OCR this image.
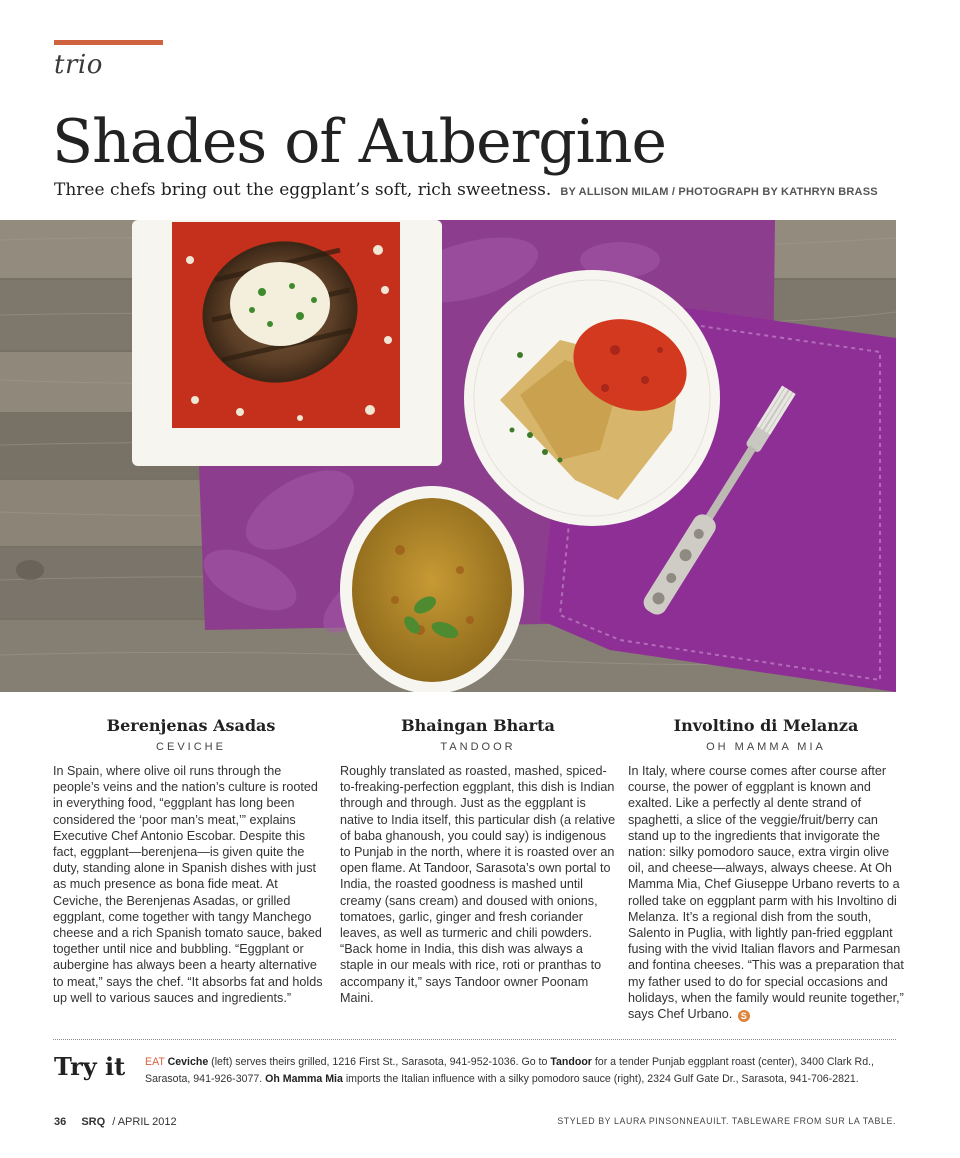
trio
Shades of Aubergine
Three chefs bring out the eggplant’s soft, rich sweetness. BY ALLISON MILAM / PHOTOGRAPH BY KATHRYN BRASS
Berenjenas Asadas
CEVICHE
In Spain, where olive oil runs through the people’s veins and the nation’s culture is rooted in everything food, “eggplant has long been considered the ‘poor man’s meat,’” explains Executive Chef Antonio Escobar. Despite this fact, eggplant—berenjena—is given quite the duty, standing alone in Spanish dishes with just as much presence as bona fide meat. At Ceviche, the Berenjenas Asadas, or grilled eggplant, come together with tangy Manchego cheese and a rich Spanish tomato sauce, baked together until nice and bubbling. “Eggplant or aubergine has always been a hearty alternative to meat,” says the chef. “It absorbs fat and holds up well to various sauces and ingredients.”
Bhaingan Bharta
TANDOOR
Roughly translated as roasted, mashed, spiced-to-freaking-perfection eggplant, this dish is Indian through and through. Just as the eggplant is native to India itself, this particular dish (a relative of baba ghanoush, you could say) is indigenous to Punjab in the north, where it is roasted over an open flame. At Tandoor, Sarasota’s own portal to India, the roasted goodness is mashed until creamy (sans cream) and doused with onions, tomatoes, garlic, ginger and fresh coriander leaves, as well as turmeric and chili powders. “Back home in India, this dish was always a staple in our meals with rice, roti or pranthas to accompany it,” says Tandoor owner Poonam Maini.
Involtino di Melanza
OH MAMMA MIA
In Italy, where course comes after course after course, the power of eggplant is known and exalted. Like a perfectly al dente strand of spaghetti, a slice of the veggie/fruit/berry can stand up to the ingredients that invigorate the nation: silky pomodoro sauce, extra virgin olive oil, and cheese—always, always cheese. At Oh Mamma Mia, Chef Giuseppe Urbano reverts to a rolled take on eggplant parm with his Involtino di Melanza. It’s a regional dish from the south, Salento in Puglia, with lightly pan-fried eggplant fusing with the vivid Italian flavors and Parmesan and fontina cheeses. “This was a preparation that my father used to do for special occasions and holidays, when the family would reunite together,” says Chef Urbano. S
Try it EAT Ceviche (left) serves theirs grilled, 1216 First St., Sarasota, 941-952-1036. Go to Tandoor for a tender Punjab eggplant roast (center), 3400 Clark Rd., Sarasota, 941-926-3077. Oh Mamma Mia imports the Italian influence with a silky pomodoro sauce (right), 2324 Gulf Gate Dr., Sarasota, 941-706-2821.
36 SRQ / APRIL 2012	STYLED BY LAURA PINSONNEAUILT. TABLEWARE FROM SUR LA TABLE.
